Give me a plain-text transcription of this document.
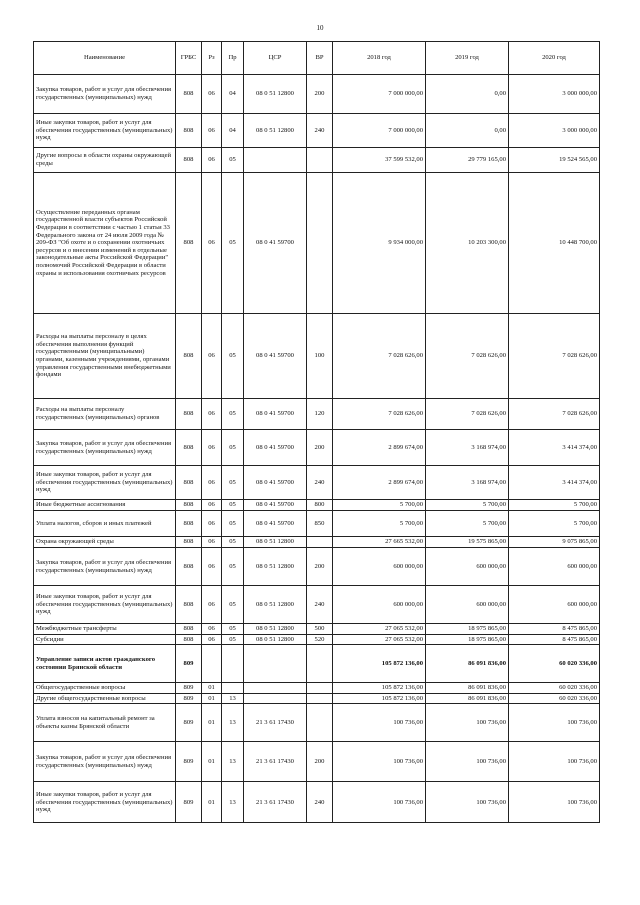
10
Наименование	ГРБС	Рз	Пр	ЦСР	ВР	2018 год	2019 год	2020 год
Закупка товаров, работ и услуг для обеспечения государственных (муниципальных) нужд	808	06	04	08 0 51 12800	200	7 000 000,00	0,00	3 000 000,00
Иные закупки товаров, работ и услуг для обеспечения государственных (муниципальных) нужд	808	06	04	08 0 51 12800	240	7 000 000,00	0,00	3 000 000,00
Другие вопросы в области охраны окружающей среды	808	06	05			37 599 532,00	29 779 165,00	19 524 565,00
Осуществление переданных органам государственной власти субъектов Российской Федерации в соответствии с частью 1 статьи 33 Федерального закона от 24 июля 2009 года № 209-ФЗ "Об охоте и о сохранении охотничьих ресурсов и о внесении изменений в отдельные законодательные акты Российской Федерации" полномочий Российской Федерации в области охраны и использования охотничьих ресурсов	808	06	05	08 0 41 59700		9 934 000,00	10 203 300,00	10 448 700,00
Расходы на выплаты персоналу в целях обеспечения выполнения функций государственными (муниципальными) органами, казенными учреждениями, органами управления государственными внебюджетными фондами	808	06	05	08 0 41 59700	100	7 028 626,00	7 028 626,00	7 028 626,00
Расходы на выплаты персоналу государственных (муниципальных) органов	808	06	05	08 0 41 59700	120	7 028 626,00	7 028 626,00	7 028 626,00
Закупка товаров, работ и услуг для обеспечения государственных (муниципальных) нужд	808	06	05	08 0 41 59700	200	2 899 674,00	3 168 974,00	3 414 374,00
Иные закупки товаров, работ и услуг для обеспечения государственных (муниципальных) нужд	808	06	05	08 0 41 59700	240	2 899 674,00	3 168 974,00	3 414 374,00
Иные бюджетные ассигнования	808	06	05	08 0 41 59700	800	5 700,00	5 700,00	5 700,00
Уплата налогов, сборов и иных платежей	808	06	05	08 0 41 59700	850	5 700,00	5 700,00	5 700,00
Охрана окружающей среды	808	06	05	08 0 51 12800		27 665 532,00	19 575 865,00	9 075 865,00
Закупка товаров, работ и услуг для обеспечения государственных (муниципальных) нужд	808	06	05	08 0 51 12800	200	600 000,00	600 000,00	600 000,00
Иные закупки товаров, работ и услуг для обеспечения государственных (муниципальных) нужд	808	06	05	08 0 51 12800	240	600 000,00	600 000,00	600 000,00
Межбюджетные трансферты	808	06	05	08 0 51 12800	500	27 065 532,00	18 975 865,00	8 475 865,00
Субсидии	808	06	05	08 0 51 12800	520	27 065 532,00	18 975 865,00	8 475 865,00
Управление записи актов гражданского состояния Брянской области	809					105 872 136,00	86 091 836,00	60 020 336,00
Общегосударственные вопросы	809	01				105 872 136,00	86 091 836,00	60 020 336,00
Другие общегосударственные вопросы	809	01	13			105 872 136,00	86 091 836,00	60 020 336,00
Уплата взносов на капитальный ремонт за объекты казны Брянской области	809	01	13	21 3 61 17430		100 736,00	100 736,00	100 736,00
Закупка товаров, работ и услуг для обеспечения государственных (муниципальных) нужд	809	01	13	21 3 61 17430	200	100 736,00	100 736,00	100 736,00
Иные закупки товаров, работ и услуг для обеспечения государственных (муниципальных) нужд	809	01	13	21 3 61 17430	240	100 736,00	100 736,00	100 736,00
